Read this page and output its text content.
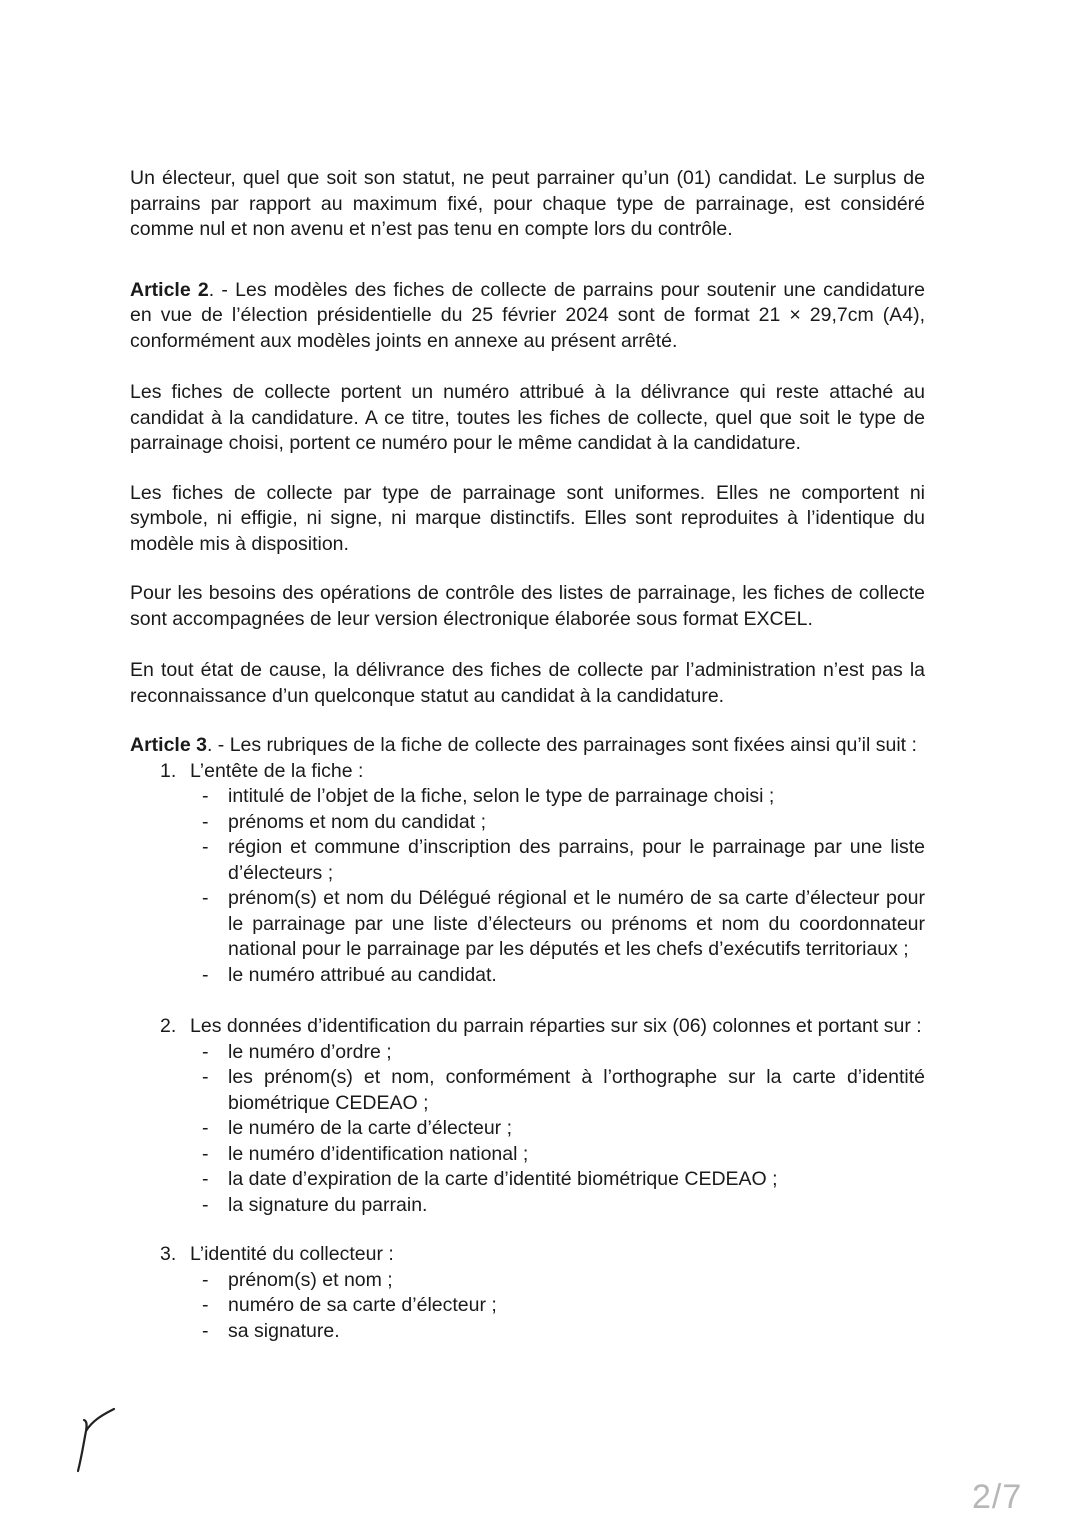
Un électeur, quel que soit son statut, ne peut parrainer qu’un (01) candidat. Le surplus de parrains par rapport au maximum fixé, pour chaque type de parrainage, est considéré comme nul et non avenu et n’est pas tenu en compte lors du contrôle.

Article 2. - Les modèles des fiches de collecte de parrains pour soutenir une candidature en vue de l’élection présidentielle du 25 février 2024 sont de format 21 × 29,7cm (A4), conformément aux modèles joints en annexe au présent arrêté.

Les fiches de collecte portent un numéro attribué à la délivrance qui reste attaché au candidat à la candidature. A ce titre, toutes les fiches de collecte, quel que soit le type de parrainage choisi, portent ce numéro pour le même candidat à la candidature.

Les fiches de collecte par type de parrainage sont uniformes. Elles ne comportent ni symbole, ni effigie, ni signe, ni marque distinctifs. Elles sont reproduites à l’identique du modèle mis à disposition.

Pour les besoins des opérations de contrôle des listes de parrainage, les fiches de collecte sont accompagnées de leur version électronique élaborée sous format EXCEL.

En tout état de cause, la délivrance des fiches de collecte par l’administration n’est pas la reconnaissance d’un quelconque statut au candidat à la candidature.

Article 3. - Les rubriques de la fiche de collecte des parrainages sont fixées ainsi qu’il suit :

1. L’entête de la fiche :
- intitulé de l’objet de la fiche, selon le type de parrainage choisi ;
- prénoms et nom du candidat ;
- région et commune d’inscription des parrains, pour le parrainage par une liste d’électeurs ;
- prénom(s) et nom du Délégué régional et le numéro de sa carte d’électeur pour le parrainage par une liste d’électeurs ou prénoms et nom du coordonnateur national pour le parrainage par les députés et les chefs d’exécutifs territoriaux ;
- le numéro attribué au candidat.
2. Les données d’identification du parrain réparties sur six (06) colonnes et portant sur :
- le numéro d’ordre ;
- les prénom(s) et nom, conformément à l’orthographe sur la carte d’identité biométrique CEDEAO ;
- le numéro de la carte d’électeur ;
- le numéro d’identification national ;
- la date d’expiration de la carte d’identité biométrique CEDEAO ;
- la signature du parrain.
3. L’identité du collecteur :
- prénom(s) et nom ;
- numéro de sa carte d’électeur ;
- sa signature.
2/7
